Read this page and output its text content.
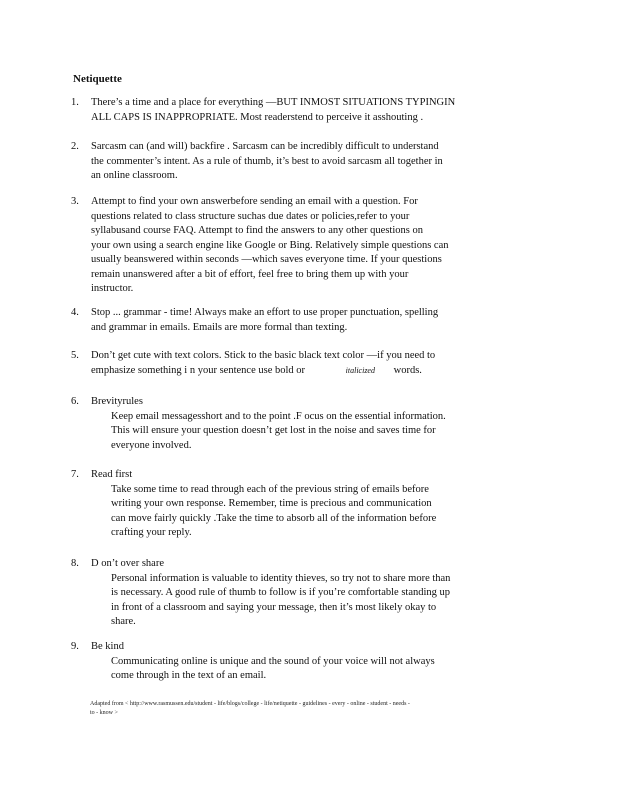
Netiquette
1.	There’s a time and a place for everything —BUT INMOST SITUATIONS TYPINGIN
ALL CAPS IS INAPPROPRIATE. Most readerstend to perceive it asshouting .
2.	Sarcasm can (and will) backfire . Sarcasm can be incredibly difficult to understand
the commenter’s intent. As a rule of thumb, it’s best to avoid sarcasm all together in
an online classroom.
3.	Attempt to find your own answerbefore sending an email with a question. For
questions related to class structure suchas due dates or policies,refer to your
syllabusand course FAQ. Attempt to find the answers to any other questions on
your own using a search engine like Google or Bing. Relatively simple questions can
usually beanswered within seconds —which saves everyone time. If your questions
remain unanswered after a bit of effort, feel free to bring them up with your
instructor.
4.	Stop ... grammar - time! Always make an effort to use proper punctuation, spelling
and grammar in emails. Emails are more formal than texting.
5.	Don’t get cute with text colors. Stick to the basic black text color —if you need to
emphasize something i n your sentence use bold or	italicized words.
6.	Brevityrules
Keep email messagesshort and to the point .F ocus on the essential information.
This will ensure your question doesn’t get lost in the noise and saves time for
everyone involved.
7.	Read first
Take some time to read through each of the previous string of emails before
writing your own response. Remember, time is precious and communication
can move fairly quickly .Take the time to absorb all of the information before
crafting your reply.
8.	D on’t over share
Personal information is valuable to identity thieves, so try not to share more than
is necessary. A good rule of thumb to follow is if you’re comfortable standing up
in front of a classroom and saying your message, then it’s most likely okay to
share.
9.	Be kind
Communicating online is unique and the sound of your voice will not always
come through in the text of an email.
Adapted from < http://www.rasmussen.edu/student - life/blogs/college - life/netiquette - guidelines - every - online - student - needs -
to - know >
